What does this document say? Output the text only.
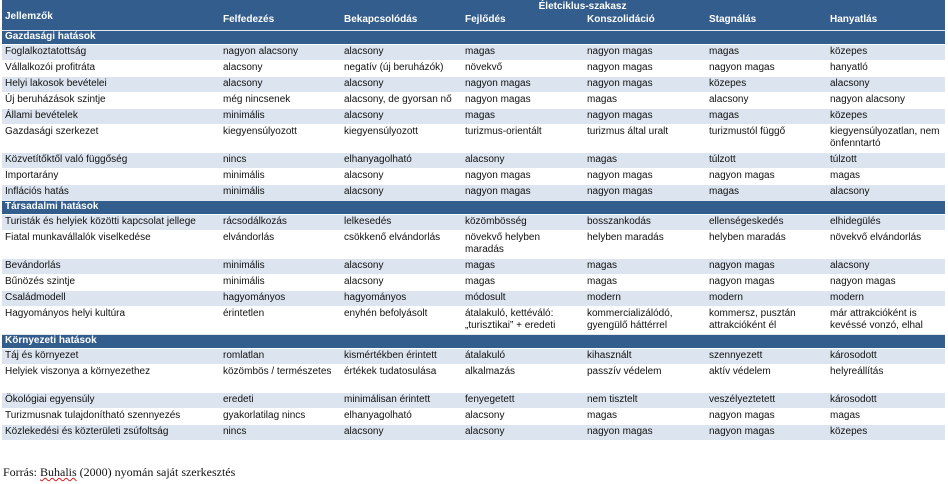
Jellemzők	Életciklus-szakasz					
	Felfedezés	Bekapcsolódás	Fejlődés	Konszolidáció	Stagnálás	Hanyatlás
Gazdasági hatások						
Foglalkoztatottság	nagyon alacsony	alacsony	magas	nagyon magas	magas	közepes
Vállalkozói profitráta	alacsony	negatív (új beruházók)	növekvő	nagyon magas	nagyon magas	hanyatló
Helyi lakosok bevételei	alacsony	alacsony	nagyon magas	nagyon magas	közepes	alacsony
Új beruházások szintje	még nincsenek	alacsony, de gyorsan nő	nagyon magas	magas	alacsony	nagyon alacsony
Állami bevételek	minimális	alacsony	magas	nagyon magas	magas	közepes
Gazdasági szerkezet	kiegyensúlyozott	kiegyensúlyozott	turizmus-orientált	turizmus által uralt	turizmustól függő	kiegyensúlyozatlan, nem önfenntartó
Közvetítőktől való függőség	nincs	elhanyagolható	alacsony	magas	túlzott	túlzott
Importarány	minimális	alacsony	nagyon magas	nagyon magas	nagyon magas	magas
Inflációs hatás	minimális	alacsony	nagyon magas	nagyon magas	magas	alacsony
Társadalmi hatások						
Turisták és helyiek közötti kapcsolat jellege	rácsodálkozás	lelkesedés	közömbösség	bosszankodás	ellenségeskedés	elhidegülés
Fiatal munkavállalók viselkedése	elvándorlás	csökkenő elvándorlás	növekvő helyben maradás	helyben maradás	helyben maradás	növekvő elvándorlás
Bevándorlás	minimális	alacsony	magas	magas	nagyon magas	alacsony
Bűnözés szintje	minimális	alacsony	magas	magas	nagyon magas	nagyon magas
Családmodell	hagyományos	hagyományos	módosult	modern	modern	modern
Hagyományos helyi kultúra	érintetlen	enyhén befolyásolt	átalakuló, kettéváló: „turisztikai” + eredeti	kommercializálódó, gyengülő háttérrel	kommersz, pusztán attrakcióként él	már attrakcióként is kevéssé vonzó, elhal
Környezeti hatások						
Táj és környezet	romlatlan	kismértékben érintett	átalakuló	kihasznált	szennyezett	károsodott
Helyiek viszonya a környezethez	közömbös / természetes	értékek tudatosulása	alkalmazás	passzív védelem	aktív védelem	helyreállítás
Ökológiai egyensúly	eredeti	minimálisan érintett	fenyegetett	nem tisztelt	veszélyeztetett	károsodott
Turizmusnak tulajdonítható szennyezés	gyakorlatilag nincs	elhanyagolható	alacsony	magas	nagyon magas	magas
Közlekedési és közterületi zsúfoltság	nincs	alacsony	alacsony	nagyon magas	nagyon magas	közepes
Forrás: Buhalis (2000) nyomán saját szerkesztés
